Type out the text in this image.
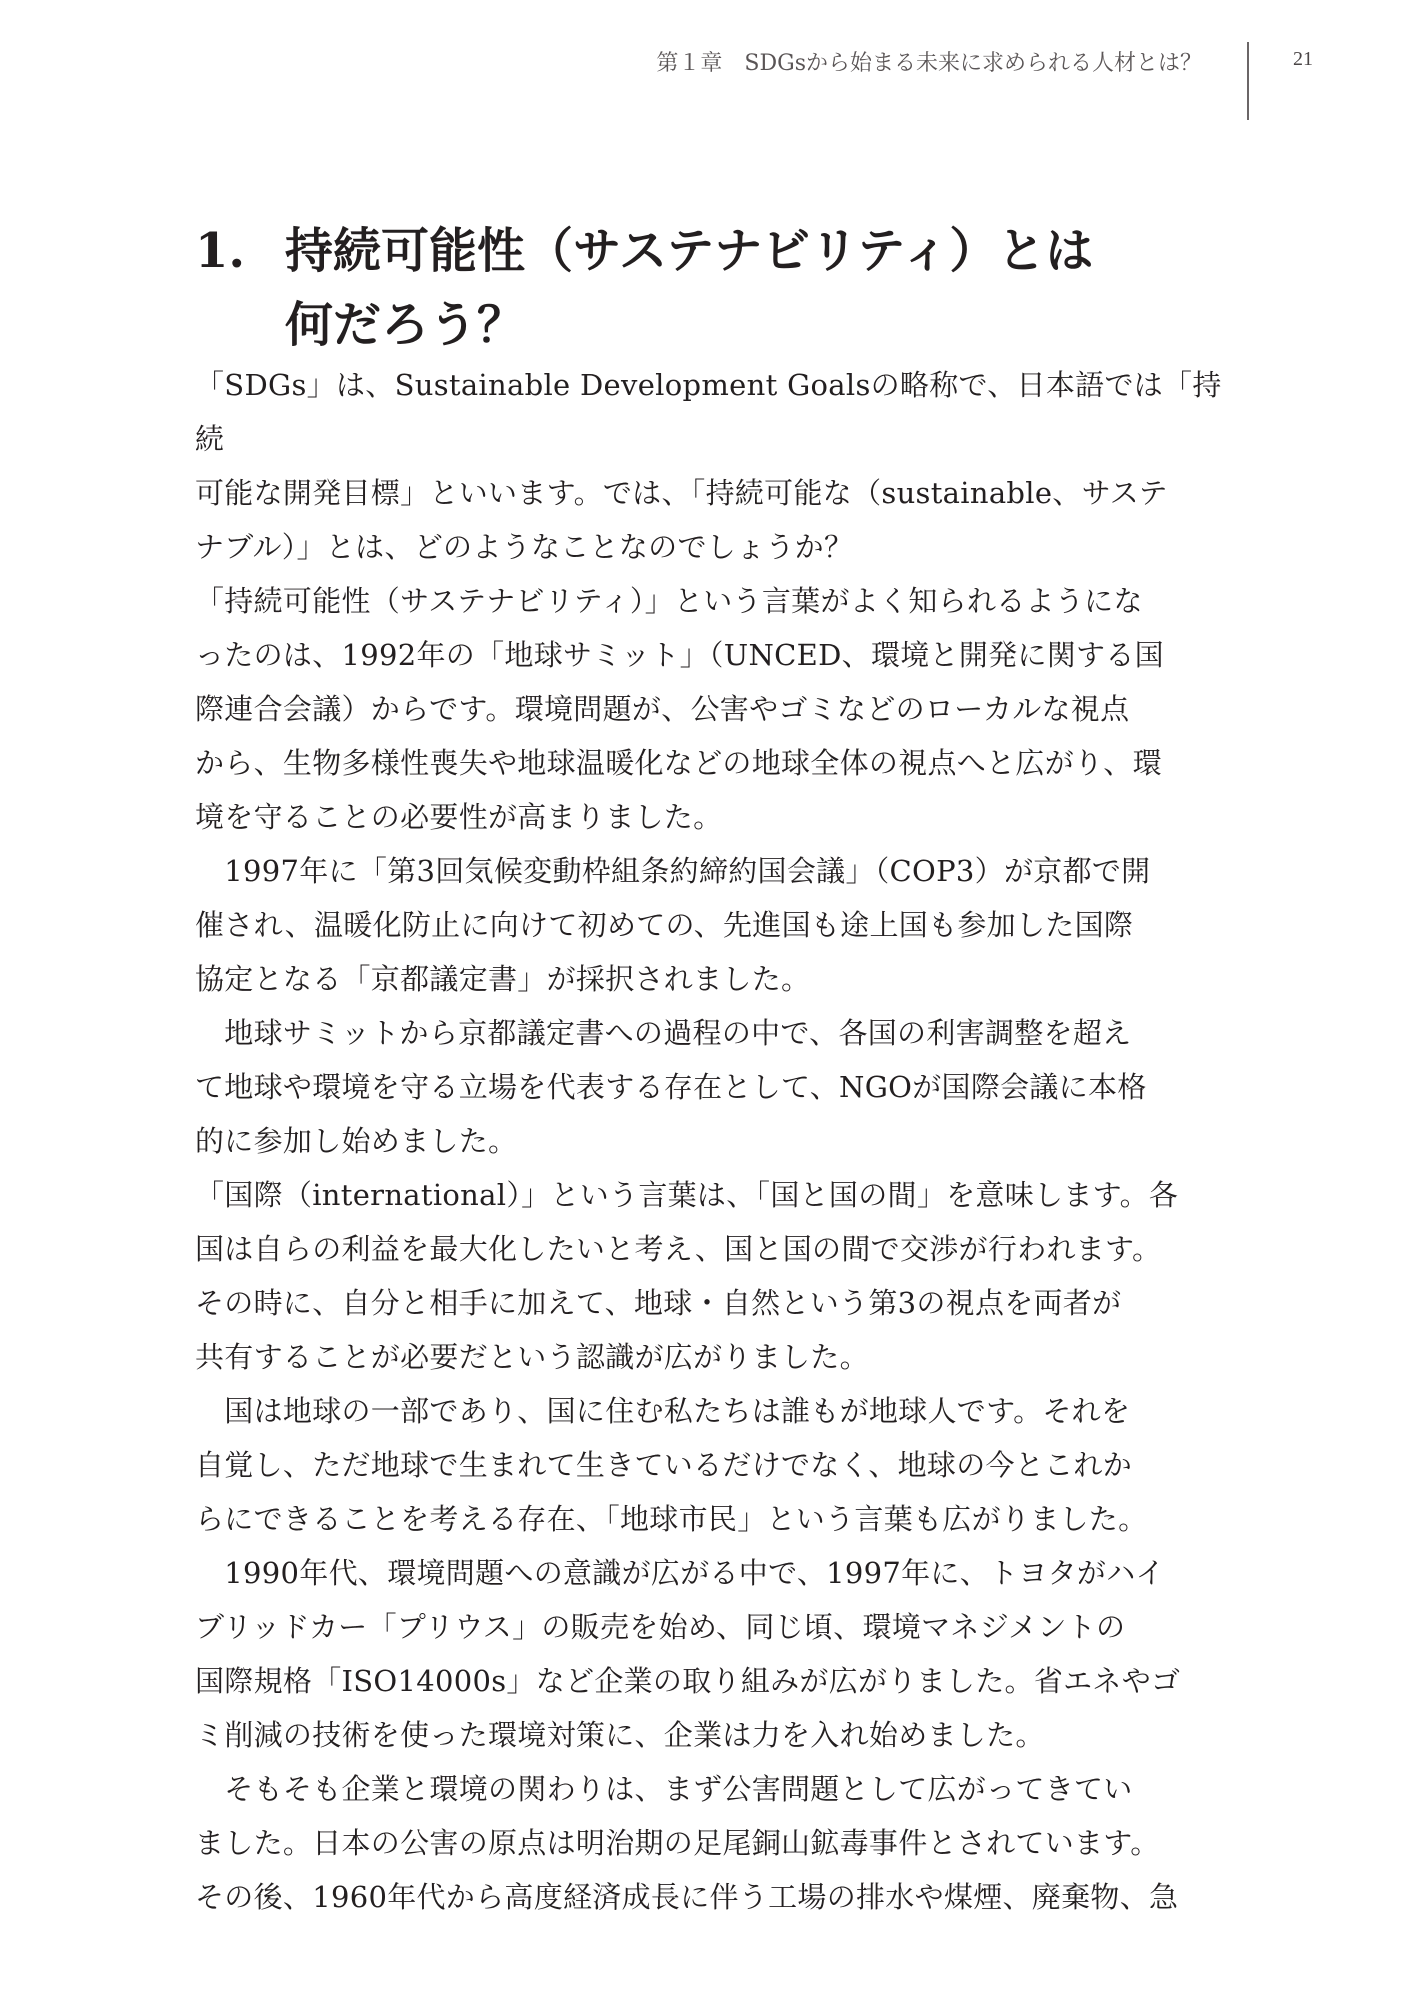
第１章　SDGsから始まる未来に求められる人材とは？	21
1. 持続可能性（サステナビリティ）とは
何だろう？

「SDGs」は、Sustainable Development Goalsの略称で、日本語では「持続
可能な開発目標」といいます。では、「持続可能な（sustainable、サステ
ナブル）」とは、どのようなことなのでしょうか？

「持続可能性（サステナビリティ）」という言葉がよく知られるようにな
ったのは、1992年の「地球サミット」（UNCED、環境と開発に関する国
際連合会議）からです。環境問題が、公害やゴミなどのローカルな視点
から、生物多様性喪失や地球温暖化などの地球全体の視点へと広がり、環
境を守ることの必要性が高まりました。

　1997年に「第3回気候変動枠組条約締約国会議」（COP3）が京都で開
催され、温暖化防止に向けて初めての、先進国も途上国も参加した国際
協定となる「京都議定書」が採択されました。

　地球サミットから京都議定書への過程の中で、各国の利害調整を超え
て地球や環境を守る立場を代表する存在として、NGOが国際会議に本格
的に参加し始めました。

「国際（international）」という言葉は、「国と国の間」を意味します。各
国は自らの利益を最大化したいと考え、国と国の間で交渉が行われます。
その時に、自分と相手に加えて、地球・自然という第3の視点を両者が
共有することが必要だという認識が広がりました。

　国は地球の一部であり、国に住む私たちは誰もが地球人です。それを
自覚し、ただ地球で生まれて生きているだけでなく、地球の今とこれか
らにできることを考える存在、「地球市民」という言葉も広がりました。

　1990年代、環境問題への意識が広がる中で、1997年に、トヨタがハイ
ブリッドカー「プリウス」の販売を始め、同じ頃、環境マネジメントの
国際規格「ISO14000s」など企業の取り組みが広がりました。省エネやゴ
ミ削減の技術を使った環境対策に、企業は力を入れ始めました。

　そもそも企業と環境の関わりは、まず公害問題として広がってきてい
ました。日本の公害の原点は明治期の足尾銅山鉱毒事件とされています。
その後、1960年代から高度経済成長に伴う工場の排水や煤煙、廃棄物、急
